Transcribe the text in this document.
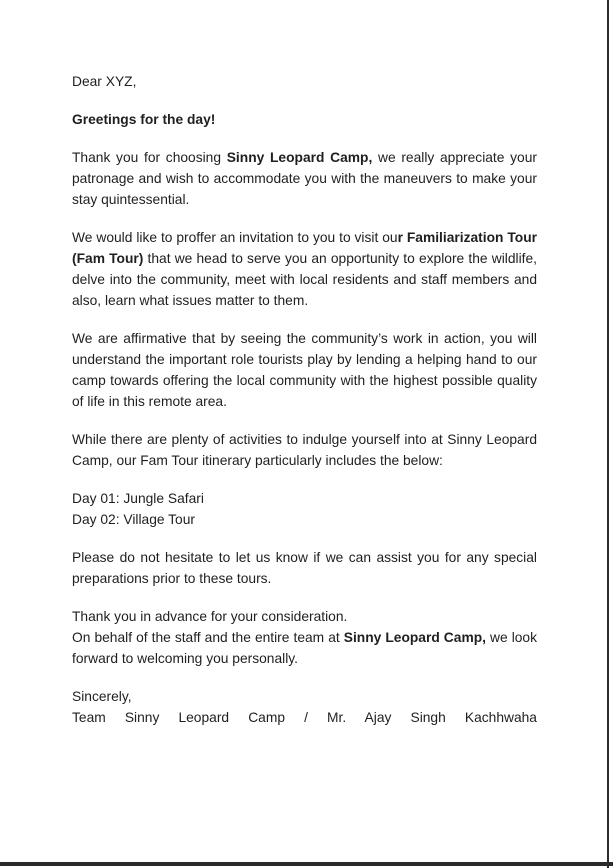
Dear XYZ,

Greetings for the day!

Thank you for choosing Sinny Leopard Camp, we really appreciate your patronage and wish to accommodate you with the maneuvers to make your stay quintessential.

We would like to proffer an invitation to you to visit our Familiarization Tour (Fam Tour) that we head to serve you an opportunity to explore the wildlife, delve into the community, meet with local residents and staff members and also, learn what issues matter to them.

We are affirmative that by seeing the community’s work in action, you will understand the important role tourists play by lending a helping hand to our camp towards offering the local community with the highest possible quality of life in this remote area.

While there are plenty of activities to indulge yourself into at Sinny Leopard Camp, our Fam Tour itinerary particularly includes the below:

Day 01: Jungle Safari
Day 02: Village Tour

Please do not hesitate to let us know if we can assist you for any special preparations prior to these tours.

Thank you in advance for your consideration.
On behalf of the staff and the entire team at Sinny Leopard Camp, we look forward to welcoming you personally.

Sincerely,
Team Sinny Leopard Camp / Mr. Ajay Singh Kachhwaha
